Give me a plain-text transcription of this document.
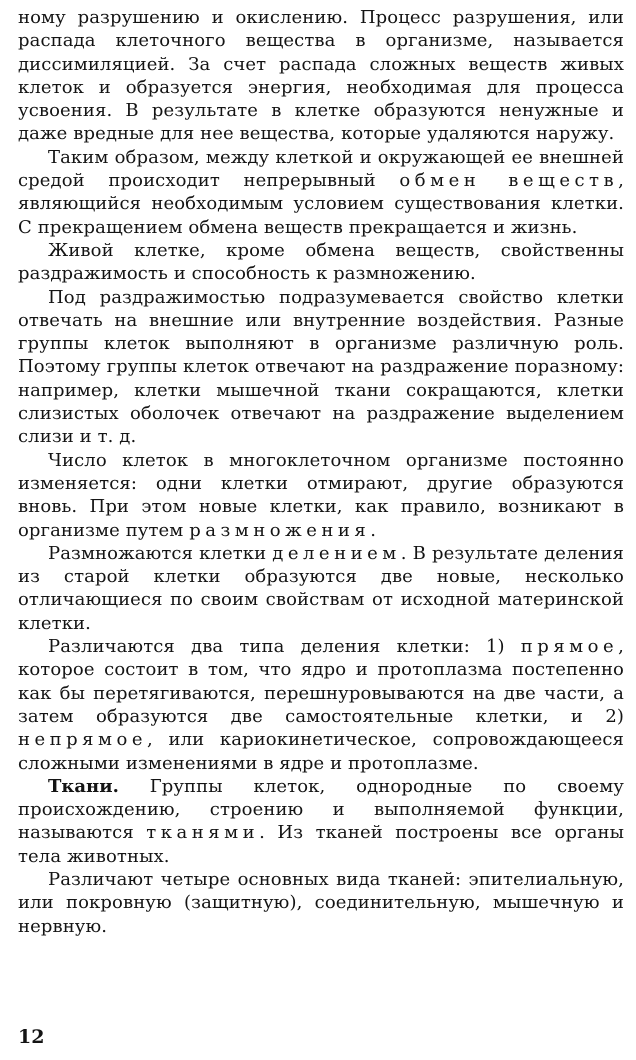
ному разрушению и окислению. Процесс разрушения, или распада клеточного вещества в организме, называется диссимиляцией. За счет распада сложных веществ живых клеток и образуется энергия, необходимая для процесса усвоения. В результате в клетке образуются ненужные и даже вредные для нее вещества, которые удаляются наружу.

Таким образом, между клеткой и окружающей ее внешней средой происходит непрерывный обмен веществ, являющийся необходимым условием существования клетки. С прекращением обмена веществ прекращается и жизнь.

Живой клетке, кроме обмена веществ, свойственны раздражимость и способность к размножению.

Под раздражимостью подразумевается свойство клетки отвечать на внешние или внутренние воздействия. Разные группы клеток выполняют в организме различную роль. Поэтому группы клеток отвечают на раздражение поразному: например, клетки мышечной ткани сокращаются, клетки слизистых оболочек отвечают на раздражение выделением слизи и т. д.

Число клеток в многоклеточном организме постоянно изменяется: одни клетки отмирают, другие образуются вновь. При этом новые клетки, как правило, возникают в организме путем размножения.

Размножаются клетки делением. В результате деления из старой клетки образуются две новые, несколько отличающиеся по своим свойствам от исходной материнской клетки.

Различаются два типа деления клетки: 1) прямое, которое состоит в том, что ядро и протоплазма постепенно как бы перетягиваются, перешнуровываются на две части, а затем образуются две самостоятельные клетки, и 2) непрямое, или кариокинетическое, сопровождающееся сложными изменениями в ядре и протоплазме.

Ткани. Группы клеток, однородные по своему происхождению, строению и выполняемой функции, называются тканями. Из тканей построены все органы тела животных.

Различают четыре основных вида тканей: эпителиальную, или покровную (защитную), соединительную, мышечную и нервную.

12
